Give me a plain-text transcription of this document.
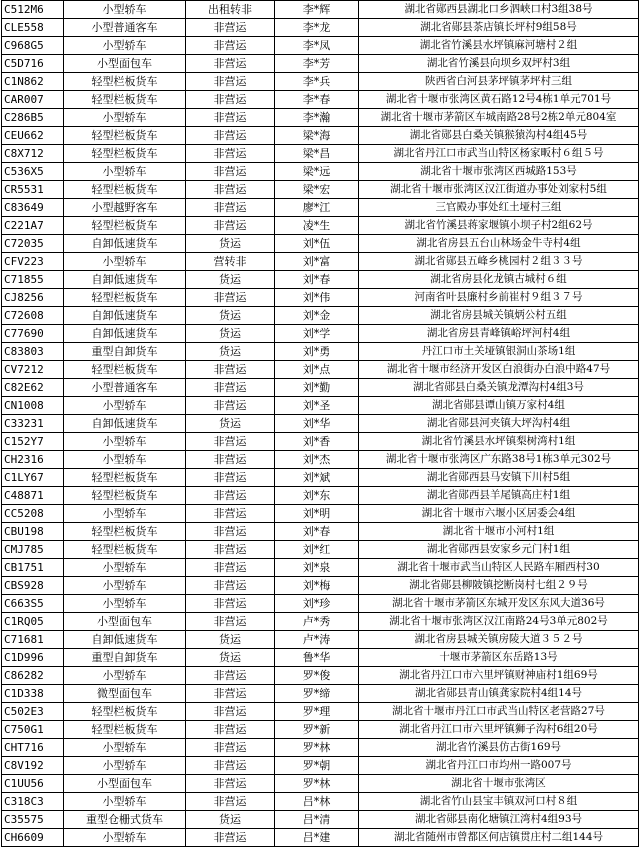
C512M6	小型轿车	出租转非	李*辉	湖北省郧西县湖北口乡泗峡口村3组38号
CLE558	小型普通客车	非营运	李*龙	湖北省郧县茶店镇长坪村9组58号
C968G5	小型轿车	非营运	李*凤	湖北省竹溪县水坪镇麻河塘村２组
C5D716	小型面包车	非营运	李*芳	湖北省竹溪县向坝乡双坪村3组
C1N862	轻型栏板货车	非营运	李*兵	陕西省白河县茅坪镇茅坪村三组
CAR007	轻型栏板货车	非营运	李*春	湖北省十堰市张湾区黄石路12号4栋1单元701号
C286B5	小型轿车	非营运	李*瀚	湖北省十堰市茅箭区车城南路28号2栋2单元804室
CEU662	轻型栏板货车	非营运	梁*海	湖北省郧县白桑关镇猴猿沟村4组45号
C8X712	轻型栏板货车	非营运	梁*昌	湖北省丹江口市武当山特区杨家畈村６组５号
C536X5	小型轿车	非营运	梁*远	湖北省十堰市张湾区西城路153号
CR5531	轻型栏板货车	非营运	梁*宏	湖北省十堰市张湾区汉江街道办事处刘家村5组
C83649	小型越野客车	非营运	廖*江	三官殿办事处红土垭村三组
C221A7	轻型栏板货车	非营运	凌*生	湖北省竹溪县蒋家堰镇小坝子村2组62号
C72035	自卸低速货车	货运	刘*伍	湖北省房县五台山林场金牛寺村4组
CFV223	小型轿车	营转非	刘*富	湖北省郧县五峰乡桃园村２组３３号
C71855	自卸低速货车	货运	刘*春	湖北省房县化龙镇古城村６组
CJ8256	轻型栏板货车	非营运	刘*伟	河南省叶县廉村乡前崔村９组３７号
C72608	自卸低速货车	货运	刘*金	湖北省房县城关镇炳公村五组
C77690	自卸低速货车	货运	刘*学	湖北省房县青峰镇峪坪河村4组
C83803	重型自卸货车	货运	刘*勇	丹江口市土关垭镇银洞山茶场1组
CV7212	轻型栏板货车	非营运	刘*点	湖北省十堰市经济开发区白浪街办白浪中路47号
C82E62	小型普通客车	非营运	刘*勤	湖北省郧县白桑关镇龙潭沟村4组3号
CN1008	小型轿车	非营运	刘*圣	湖北省郧县谭山镇万家村4组
C33231	自卸低速货车	货运	刘*华	湖北省郧县河夹镇大坪沟村4组
C152Y7	小型轿车	非营运	刘*香	湖北省竹溪县水坪镇梨树湾村1组
CH2316	小型轿车	非营运	刘*杰	湖北省十堰市张湾区广东路38号1栋3单元302号
C1LY67	轻型栏板货车	非营运	刘*斌	湖北省郧西县马安镇下川村5组
C48871	轻型栏板货车	非营运	刘*东	湖北省郧西县羊尾镇高庄村1组
CC5208	小型轿车	非营运	刘*明	湖北省十堰市六堰小区居委会4组
CBU198	轻型栏板货车	非营运	刘*春	湖北省十堰市小河村1组
CMJ785	轻型栏板货车	非营运	刘*红	湖北省郧西县安家乡元门村1组
CB1751	小型轿车	非营运	刘*泉	湖北省十堰市武当山特区人民路车厢西村30
CBS928	小型轿车	非营运	刘*梅	湖北省郧县柳陂镇挖断岗村七组２９号
C663S5	小型轿车	非营运	刘*珍	湖北省十堰市茅箭区东城开发区东风大道36号
C1RQ05	小型面包车	非营运	卢*秀	湖北省十堰市张湾区汉江南路24号3单元802号
C71681	自卸低速货车	货运	卢*涛	湖北省房县城关镇房陵大道３５２号
C1D996	重型自卸货车	货运	鲁*华	十堰市茅箭区东岳路13号
C86282	小型轿车	非营运	罗*俊	湖北省丹江口市六里坪镇财神庙村1组69号
C1D338	微型面包车	非营运	罗*缔	湖北省郧县青山镇龚家院村4组14号
C502E3	轻型栏板货车	非营运	罗*理	湖北省十堰市丹江口市武当山特区老营路27号
C750G1	轻型栏板货车	非营运	罗*新	湖北省丹江口市六里坪镇狮子沟村6组20号
CHT716	小型轿车	非营运	罗*林	湖北省竹溪县仿古街169号
C8V192	小型轿车	非营运	罗*朝	湖北省丹江口市均州一路007号
C1UU56	小型面包车	非营运	罗*林	湖北省十堰市张湾区
C318C3	小型轿车	非营运	吕*林	湖北省竹山县宝丰镇双河口村８组
C35575	重型仓栅式货车	货运	吕*清	湖北省郧县南化塘镇江湾村4组93号
CH6609	小型轿车	非营运	吕*建	湖北省随州市曾都区何店镇贯庄村二组144号
